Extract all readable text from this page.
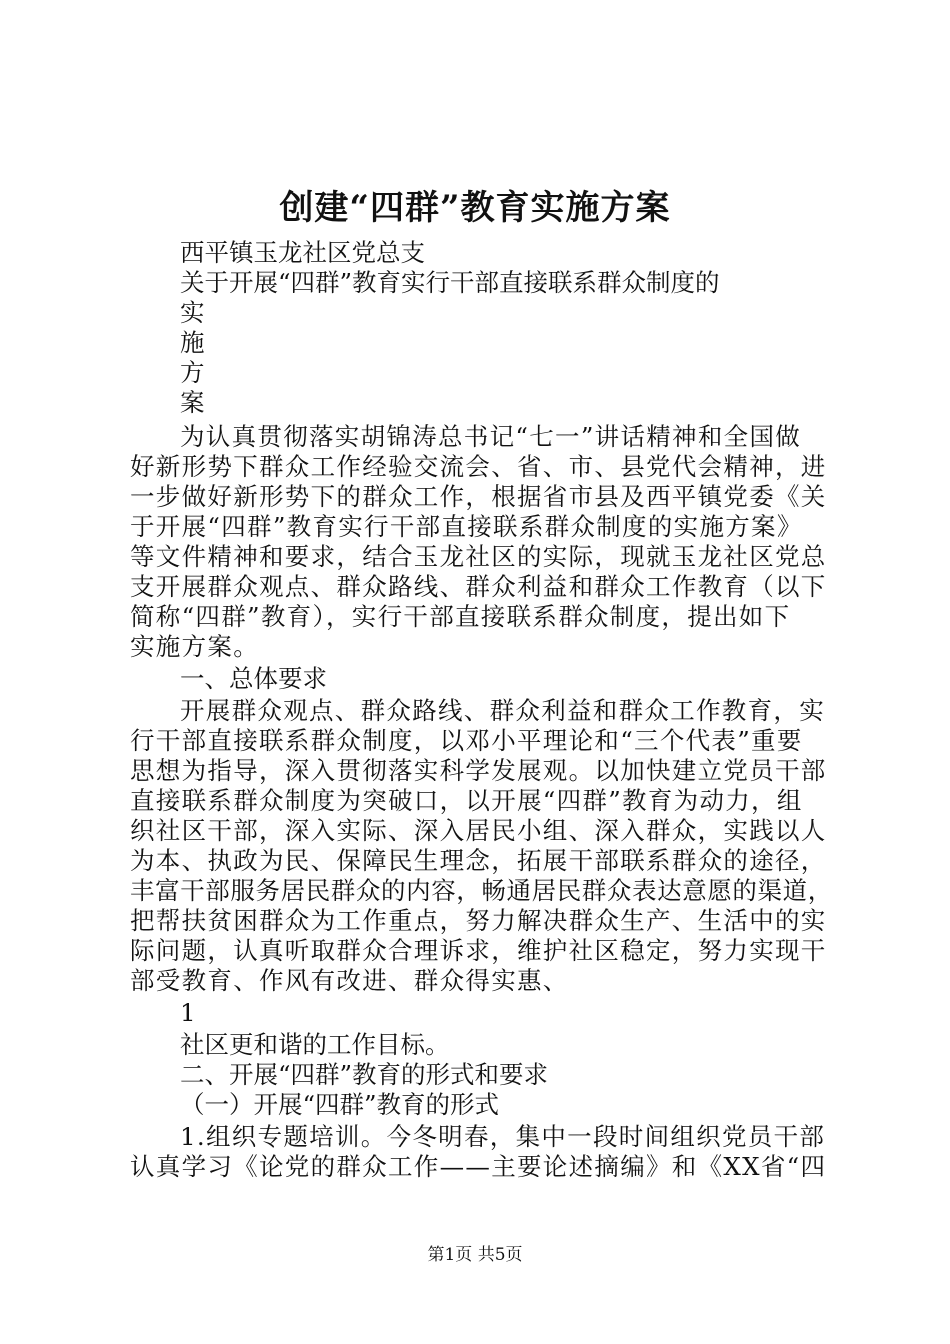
创建“四群”教育实施方案
西平镇玉龙社区党总支
关于开展“四群”教育实行干部直接联系群众制度的
实
施
方
案
为认真贯彻落实胡锦涛总书记“七一”讲话精神和全国做
好新形势下群众工作经验交流会、省、市、县党代会精神，进
一步做好新形势下的群众工作，根据省市县及西平镇党委《关
于开展“四群”教育实行干部直接联系群众制度的实施方案》
等文件精神和要求，结合玉龙社区的实际，现就玉龙社区党总
支开展群众观点、群众路线、群众利益和群众工作教育（以下
简称“四群”教育），实行干部直接联系群众制度，提出如下
实施方案。
一、总体要求
开展群众观点、群众路线、群众利益和群众工作教育，实
行干部直接联系群众制度，以邓小平理论和“三个代表”重要
思想为指导，深入贯彻落实科学发展观。以加快建立党员干部
直接联系群众制度为突破口，以开展“四群”教育为动力，组
织社区干部，深入实际、深入居民小组、深入群众，实践以人
为本、执政为民、保障民生理念，拓展干部联系群众的途径，
丰富干部服务居民群众的内容，畅通居民群众表达意愿的渠道，
把帮扶贫困群众为工作重点，努力解决群众生产、生活中的实
际问题，认真听取群众合理诉求，维护社区稳定，努力实现干
部受教育、作风有改进、群众得实惠、
1
社区更和谐的工作目标。
二、开展“四群”教育的形式和要求
（一）开展“四群”教育的形式
1.组织专题培训。今冬明春，集中一段时间组织党员干部
认真学习《论党的群众工作——主要论述摘编》和《XX省“四
第1页 共5页
